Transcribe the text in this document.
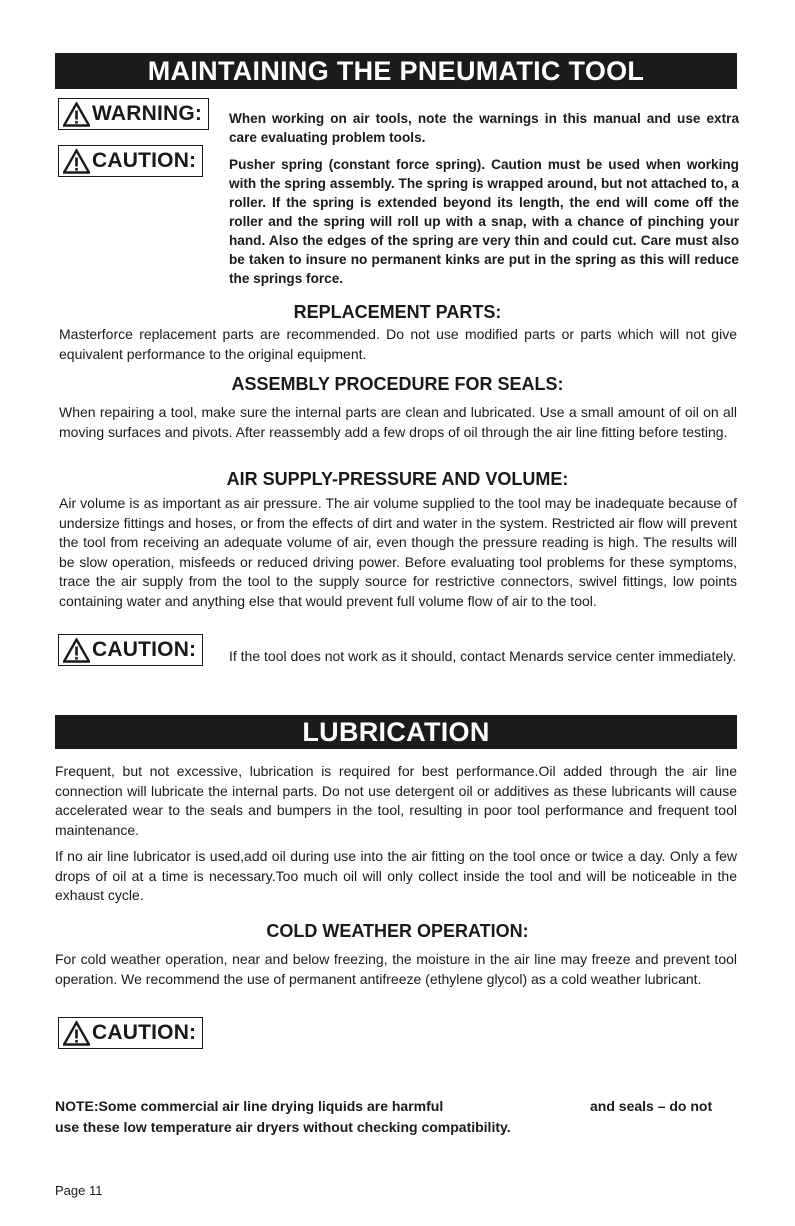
MAINTAINING THE PNEUMATIC TOOL
WARNING: When working on air tools, note the warnings in this manual and use extra care evaluating problem tools.

CAUTION: Pusher spring (constant force spring). Caution must be used when working with the spring assembly. The spring is wrapped around, but not attached to, a roller. If the spring is extended beyond its length, the end will come off the roller and the spring will roll up with a snap, with a chance of pinching your hand. Also the edges of the spring are very thin and could cut. Care must also be taken to insure no permanent kinks are put in the spring as this will reduce the springs force.

REPLACEMENT PARTS:

Masterforce replacement parts are recommended. Do not use modified parts or parts which will not give equivalent performance to the original equipment.

ASSEMBLY PROCEDURE FOR SEALS:

When repairing a tool, make sure the internal parts are clean and lubricated. Use a small amount of oil on all moving surfaces and pivots. After reassembly add a few drops of oil through the air line fitting before testing.

AIR SUPPLY-PRESSURE AND VOLUME:

Air volume is as important as air pressure. The air volume supplied to the tool may be inadequate because of undersize fittings and hoses, or from the effects of dirt and water in the system. Restricted air flow will prevent the tool from receiving an adequate volume of air, even though the pressure reading is high. The results will be slow operation, misfeeds or reduced driving power. Before evaluating tool problems for these symptoms, trace the air supply from the tool to the supply source for restrictive connectors, swivel fittings, low points containing water and anything else that would prevent full volume flow of air to the tool.

CAUTION: If the tool does not work as it should, contact Menards service center immediately.

LUBRICATION

Frequent, but not excessive, lubrication is required for best performance.Oil added through the air line connection will lubricate the internal parts. Do not use detergent oil or additives as these lubricants will cause accelerated wear to the seals and bumpers in the tool, resulting in poor tool performance and frequent tool maintenance.

If no air line lubricator is used,add oil during use into the air fitting on the tool once or twice a day. Only a few drops of oil at a time is necessary.Too much oil will only collect inside the tool and will be noticeable in the exhaust cycle.

COLD WEATHER OPERATION:

For cold weather operation, near and below freezing, the moisture in the air line may freeze and prevent tool operation. We recommend the use of permanent antifreeze (ethylene glycol) as a cold weather lubricant.

CAUTION:
NOTE:Some commercial air line drying liquids are harmful	and seals – do not
use these low temperature air dryers without checking compatibility.
Page 11
